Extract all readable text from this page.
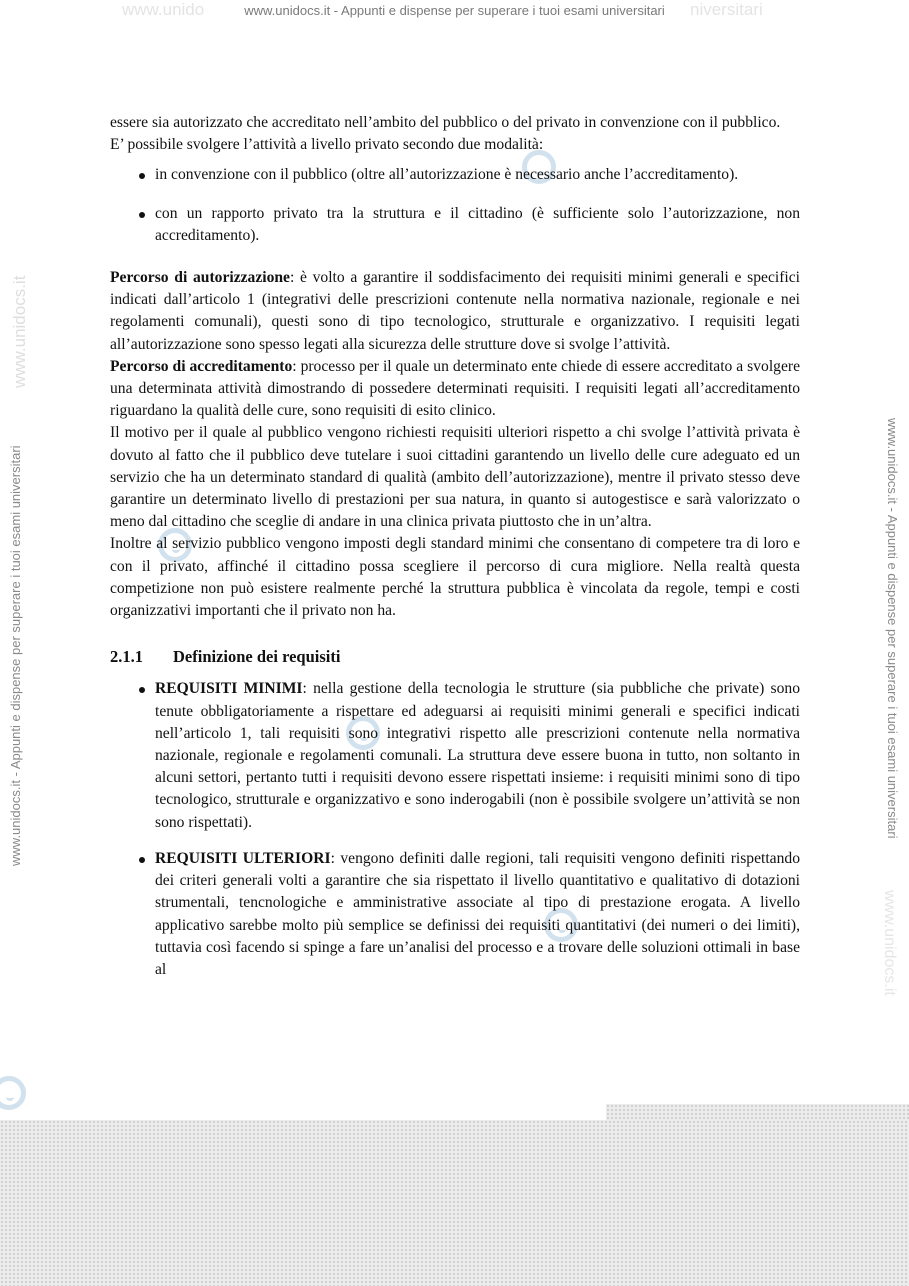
www.unido	www.unidocs.it - Appunti e dispense per superare i tuoi esami universitari niversitari
www.unidocs.it - Appunti e dispense per superare i tuoi esami universitari	www.unidocs.it - Appunti e dispense per superare i tuoi esami universitari
www.unidocs.it
www.unidocs.it

essere sia autorizzato che accreditato nell’ambito del pubblico o del privato in convenzione con il pubblico.

E’ possibile svolgere l’attività a livello privato secondo due modalità:

in convenzione con il pubblico (oltre all’autorizzazione è necessario anche l’accreditamento).
con un rapporto privato tra la struttura e il cittadino (è sufficiente solo l’autorizzazione, non accreditamento).

Percorso di autorizzazione: è volto a garantire il soddisfacimento dei requisiti minimi generali e specifici indicati dall’articolo 1 (integrativi delle prescrizioni contenute nella normativa nazionale, regionale e nei regolamenti comunali), questi sono di tipo tecnologico, strutturale e organizzativo. I requisiti legati all’autorizzazione sono spesso legati alla sicurezza delle strutture dove si svolge l’attività.

Percorso di accreditamento: processo per il quale un determinato ente chiede di essere accreditato a svolgere una determinata attività dimostrando di possedere determinati requisiti. I requisiti legati all’accreditamento riguardano la qualità delle cure, sono requisiti di esito clinico.

Il motivo per il quale al pubblico vengono richiesti requisiti ulteriori rispetto a chi svolge l’attività privata è dovuto al fatto che il pubblico deve tutelare i suoi cittadini garantendo un livello delle cure adeguato ed un servizio che ha un determinato standard di qualità (ambito dell’autorizzazione), mentre il privato stesso deve garantire un determinato livello di prestazioni per sua natura, in quanto si autogestisce e sarà valorizzato o meno dal cittadino che sceglie di andare in una clinica privata piuttosto che in un’altra.

Inoltre al servizio pubblico vengono imposti degli standard minimi che consentano di competere tra di loro e con il privato, affinché il cittadino possa scegliere il percorso di cura migliore. Nella realtà questa competizione non può esistere realmente perché la struttura pubblica è vincolata da regole, tempi e costi organizzativi importanti che il privato non ha.

2.1.1 Definizione dei requisiti
REQUISITI MINIMI: nella gestione della tecnologia le strutture (sia pubbliche che private) sono tenute obbligatoriamente a rispettare ed adeguarsi ai requisiti minimi generali e specifici indicati nell’articolo 1, tali requisiti sono integrativi rispetto alle prescrizioni contenute nella normativa nazionale, regionale e regolamenti comunali. La struttura deve essere buona in tutto, non soltanto in alcuni settori, pertanto tutti i requisiti devono essere rispettati insieme: i requisiti minimi sono di tipo tecnologico, strutturale e organizzativo e sono inderogabili (non è possibile svolgere un’attività se non sono rispettati).
REQUISITI ULTERIORI: vengono definiti dalle regioni, tali requisiti vengono definiti rispettando dei criteri generali volti a garantire che sia rispettato il livello quantitativo e qualitativo di dotazioni strumentali, tencnologiche e amministrative associate al tipo di prestazione erogata. A livello applicativo sarebbe molto più semplice se definissi dei requisiti quantitativi (dei numeri o dei limiti), tuttavia così facendo si spinge a fare un’analisi del processo e a trovare delle soluzioni ottimali in base al
